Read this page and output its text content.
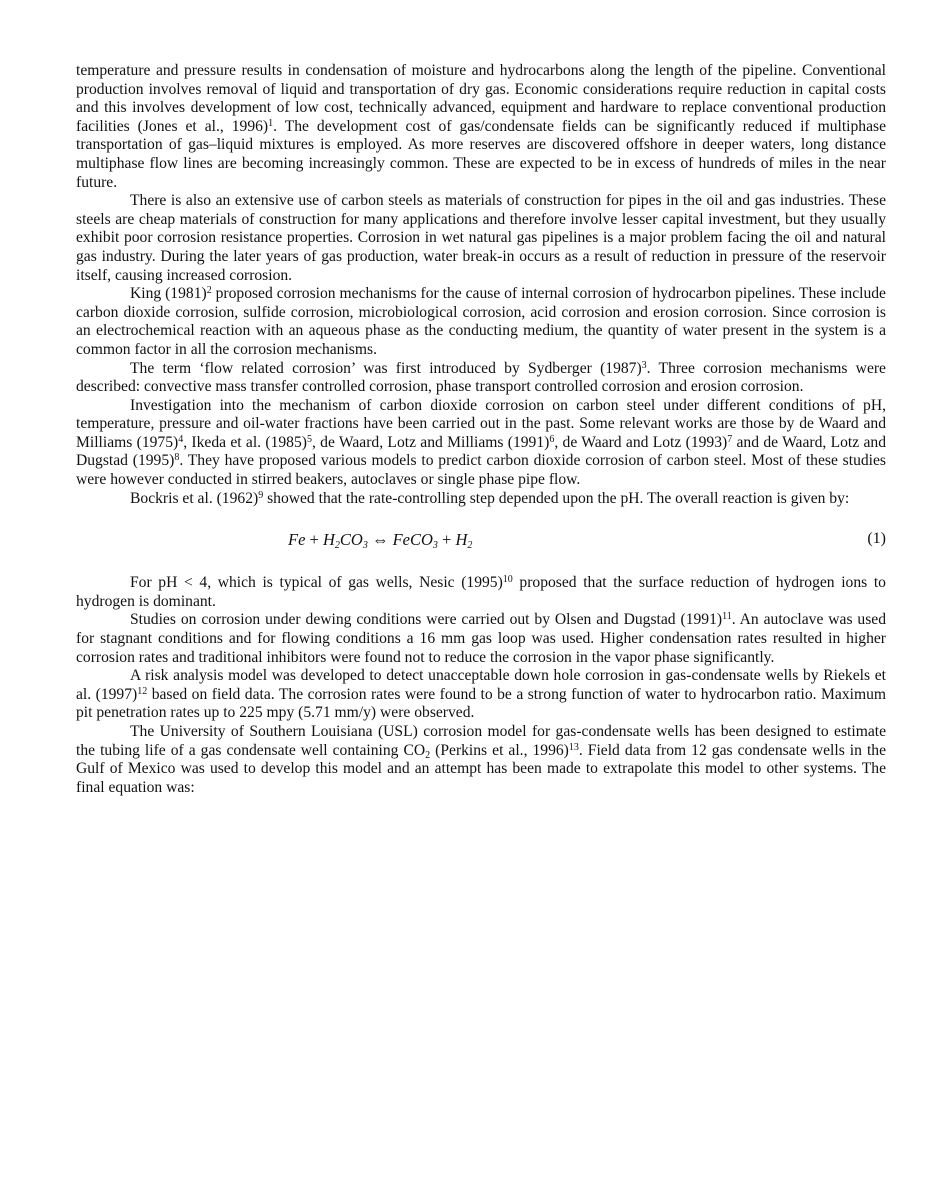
temperature and pressure results in condensation of moisture and hydrocarbons along the length of the pipeline. Conventional production involves removal of liquid and transportation of dry gas. Economic considerations require reduction in capital costs and this involves development of low cost, technically advanced, equipment and hardware to replace conventional production facilities (Jones et al., 1996)$^1$. The development cost of gas/condensate fields can be significantly reduced if multiphase transportation of gas–liquid mixtures is employed. As more reserves are discovered offshore in deeper waters, long distance multiphase flow lines are becoming increasingly common. These are expected to be in excess of hundreds of miles in the near future.

There is also an extensive use of carbon steels as materials of construction for pipes in the oil and gas industries. These steels are cheap materials of construction for many applications and therefore involve lesser capital investment, but they usually exhibit poor corrosion resistance properties. Corrosion in wet natural gas pipelines is a major problem facing the oil and natural gas industry. During the later years of gas production, water break-in occurs as a result of reduction in pressure of the reservoir itself, causing increased corrosion.

King $(1981)^2$ proposed corrosion mechanisms for the cause of internal corrosion of hydrocarbon pipelines. These include carbon dioxide corrosion, sulfide corrosion, microbiological corrosion, acid corrosion and erosion corrosion. Since corrosion is an electrochemical reaction with an aqueous phase as the conducting medium, the quantity of water present in the system is a common factor in all the corrosion mechanisms.

The term ‘flow related corrosion’ was first introduced by Sydberger $(1987)^3$. Three corrosion mechanisms were described: convective mass transfer controlled corrosion, phase transport controlled corrosion and erosion corrosion.

Investigation into the mechanism of carbon dioxide corrosion on carbon steel under different conditions of pH, temperature, pressure and oil-water fractions have been carried out in the past. Some relevant works are those by de Waard and Milliams $(1975)^4$, Ikeda et al. $(1985)^5$, de Waard, Lotz and Milliams $(1991)^6$, de Waard and Lotz $(1993)^7$ and de Waard, Lotz and Dugstad $(1995)^8$. They have proposed various models to predict carbon dioxide corrosion of carbon steel. Most of these studies were however conducted in stirred beakers, autoclaves or single phase pipe flow.

Bockris et al. $(1962)^9$ showed that the rate-controlling step depended upon the pH. The overall reaction is given by:

$Fe + H_2CO_3$ ⇔ FeCO$_3$ + $H_2$	(1)

For pH < 4, which is typical of gas wells, Nesic $(1995)^{10}$ proposed that the surface reduction of hydrogen ions to hydrogen is dominant.

Studies on corrosion under dewing conditions were carried out by Olsen and Dugstad $(1991)^{11}$. An autoclave was used for stagnant conditions and for flowing conditions a 16 mm gas loop was used. Higher condensation rates resulted in higher corrosion rates and traditional inhibitors were found not to reduce the corrosion in the vapor phase significantly.

A risk analysis model was developed to detect unacceptable down hole corrosion in gas-condensate wells by Riekels et al. $(1997)^{12}$ based on field data. The corrosion rates were found to be a strong function of water to hydrocarbon ratio. Maximum pit penetration rates up to 225 mpy (5.71 mm/y) were observed.

The University of Southern Louisiana (USL) corrosion model for gas-condensate wells has been designed to estimate the tubing life of a gas condensate well containing $CO_2$ (Perkins et al., 1996)$^{13}$. Field data from 12 gas condensate wells in the Gulf of Mexico was used to develop this model and an attempt has been made to extrapolate this model to other systems. The final equation was:
